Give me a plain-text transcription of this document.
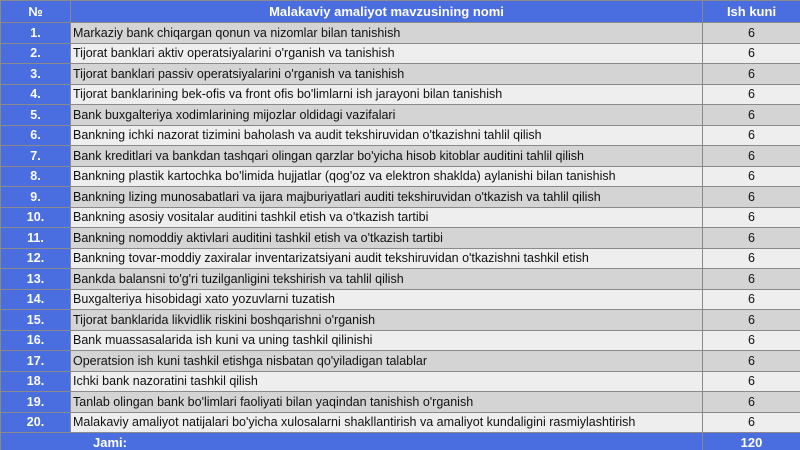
№	Malakaviy amaliyot mavzusining nomi	Ish kuni
1.	Markaziy bank chiqargan qonun va nizomlar bilan tanishish	6
2.	Tijorat banklari aktiv operatsiyalarini o'rganish va tanishish	6
3.	Tijorat banklari passiv operatsiyalarini o'rganish va tanishish	6
4.	Tijorat banklarining bek-ofis va front ofis bo'limlarni ish jarayoni bilan tanishish	6
5.	Bank buxgalteriya xodimlarining mijozlar oldidagi vazifalari	6
6.	Bankning ichki nazorat tizimini baholash va audit tekshiruvidan o'tkazishni tahlil qilish	6
7.	Bank kreditlari va bankdan tashqari olingan qarzlar bo'yicha hisob kitoblar auditini tahlil qilish	6
8.	Bankning plastik kartochka bo'limida hujjatlar (qog'oz va elektron shaklda) aylanishi bilan tanishish	6
9.	Bankning lizing munosabatlari va ijara majburiyatlari auditi tekshiruvidan o'tkazish va tahlil qilish	6
10.	Bankning asosiy vositalar auditini tashkil etish va o'tkazish tartibi	6
11.	Bankning nomoddiy aktivlari auditini tashkil etish va o'tkazish tartibi	6
12.	Bankning tovar-moddiy zaxiralar inventarizatsiyani audit tekshiruvidan o'tkazishni tashkil etish	6
13.	Bankda balansni to'g'ri tuzilganligini tekshirish va tahlil qilish	6
14.	Buxgalteriya hisobidagi xato yozuvlarni tuzatish	6
15.	Tijorat banklarida likvidlik riskini boshqarishni o'rganish	6
16.	Bank muassasalarida ish kuni va uning tashkil qilinishi	6
17.	Operatsion ish kuni tashkil etishga nisbatan qo'yiladigan talablar	6
18.	Ichki bank nazoratini tashkil qilish	6
19.	Tanlab olingan bank bo'limlari faoliyati bilan yaqindan tanishish o'rganish	6
20.	Malakaviy amaliyot natijalari bo'yicha xulosalarni shakllantirish va amaliyot kundaligini rasmiylashtirish	6
Jami:		120
